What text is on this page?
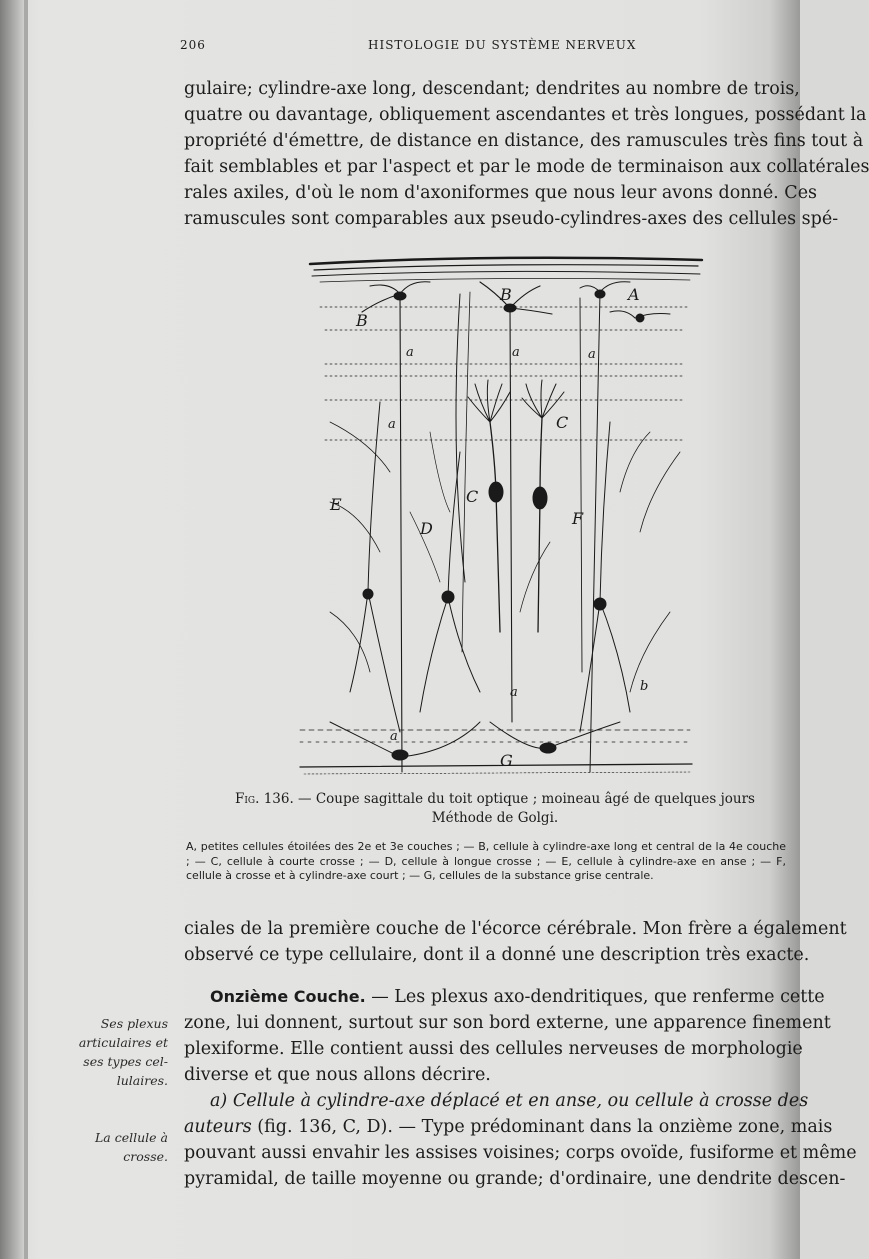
206	HISTOLOGIE DU SYSTÈME NERVEUX
gulaire; cylindre-axe long, descendant; dendrites au nombre de trois,
quatre ou davantage, obliquement ascendantes et très longues, possédant la
propriété d'émettre, de distance en distance, des ramuscules très fins tout à
fait semblables et par l'aspect et par le mode de terminaison aux collatérales
rales axiles, d'où le nom d'axoniformes que nous leur avons donné. Ces
ramuscules sont comparables aux pseudo-cylindres-axes des cellules spé-
B
B	A
C
C
E
D
F
G
a	a	a
a
a
a
b
Fig. 136. — Coupe sagittale du toit optique ; moineau âgé de quelques jours
Méthode de Golgi.
A, petites cellules étoilées des 2e et 3e couches ; — B, cellule à cylindre-axe long et central de la 4e couche ; — C, cellule à courte crosse ; — D, cellule à longue crosse ; — E, cellule à cylindre-axe en anse ; — F, cellule à crosse et à cylindre-axe court ; — G, cellules de la substance grise centrale.
ciales de la première couche de l'écorce cérébrale. Mon frère a également
observé ce type cellulaire, dont il a donné une description très exacte.
Onzième Couche. — Les plexus axo-dendritiques, que renferme cette
zone, lui donnent, surtout sur son bord externe, une apparence finement
plexiforme. Elle contient aussi des cellules nerveuses de morphologie
diverse et que nous allons décrire.
a) Cellule à cylindre-axe déplacé et en anse, ou cellule à crosse des
auteurs (fig. 136, C, D). — Type prédominant dans la onzième zone, mais
pouvant aussi envahir les assises voisines; corps ovoïde, fusiforme et même
pyramidal, de taille moyenne ou grande; d'ordinaire, une dendrite descen-
Ses plexus
articulaires et
ses types cel-
lulaires.
La cellule à
crosse.
